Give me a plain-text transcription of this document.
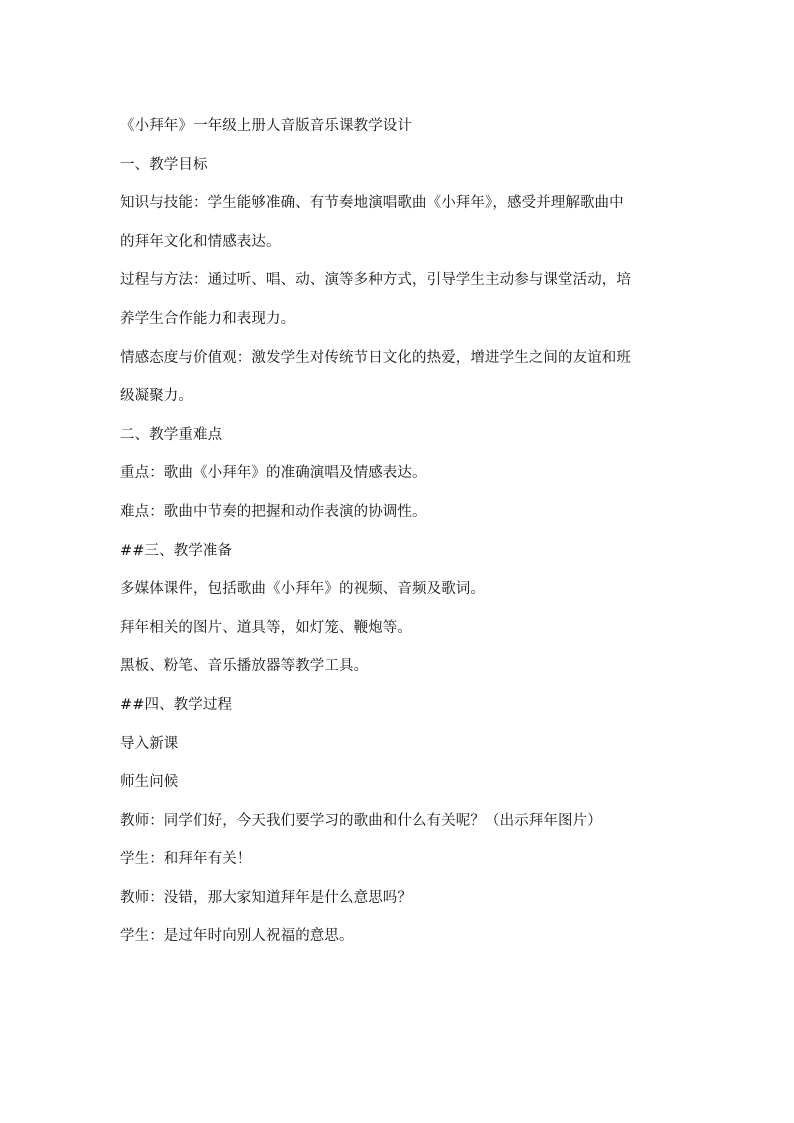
《小拜年》一年级上册人音版音乐课教学设计
一、教学目标
知识与技能：学生能够准确、有节奏地演唱歌曲《小拜年》，感受并理解歌曲中
的拜年文化和情感表达。
过程与方法：通过听、唱、动、演等多种方式，引导学生主动参与课堂活动，培
养学生合作能力和表现力。
情感态度与价值观：激发学生对传统节日文化的热爱，增进学生之间的友谊和班
级凝聚力。
二、教学重难点
重点：歌曲《小拜年》的准确演唱及情感表达。
难点：歌曲中节奏的把握和动作表演的协调性。
##三、教学准备
多媒体课件，包括歌曲《小拜年》的视频、音频及歌词。
拜年相关的图片、道具等，如灯笼、鞭炮等。
黑板、粉笔、音乐播放器等教学工具。
##四、教学过程
导入新课
师生问候
教师：同学们好，今天我们要学习的歌曲和什么有关呢？（出示拜年图片）
学生：和拜年有关！
教师：没错，那大家知道拜年是什么意思吗？
学生：是过年时向别人祝福的意思。
